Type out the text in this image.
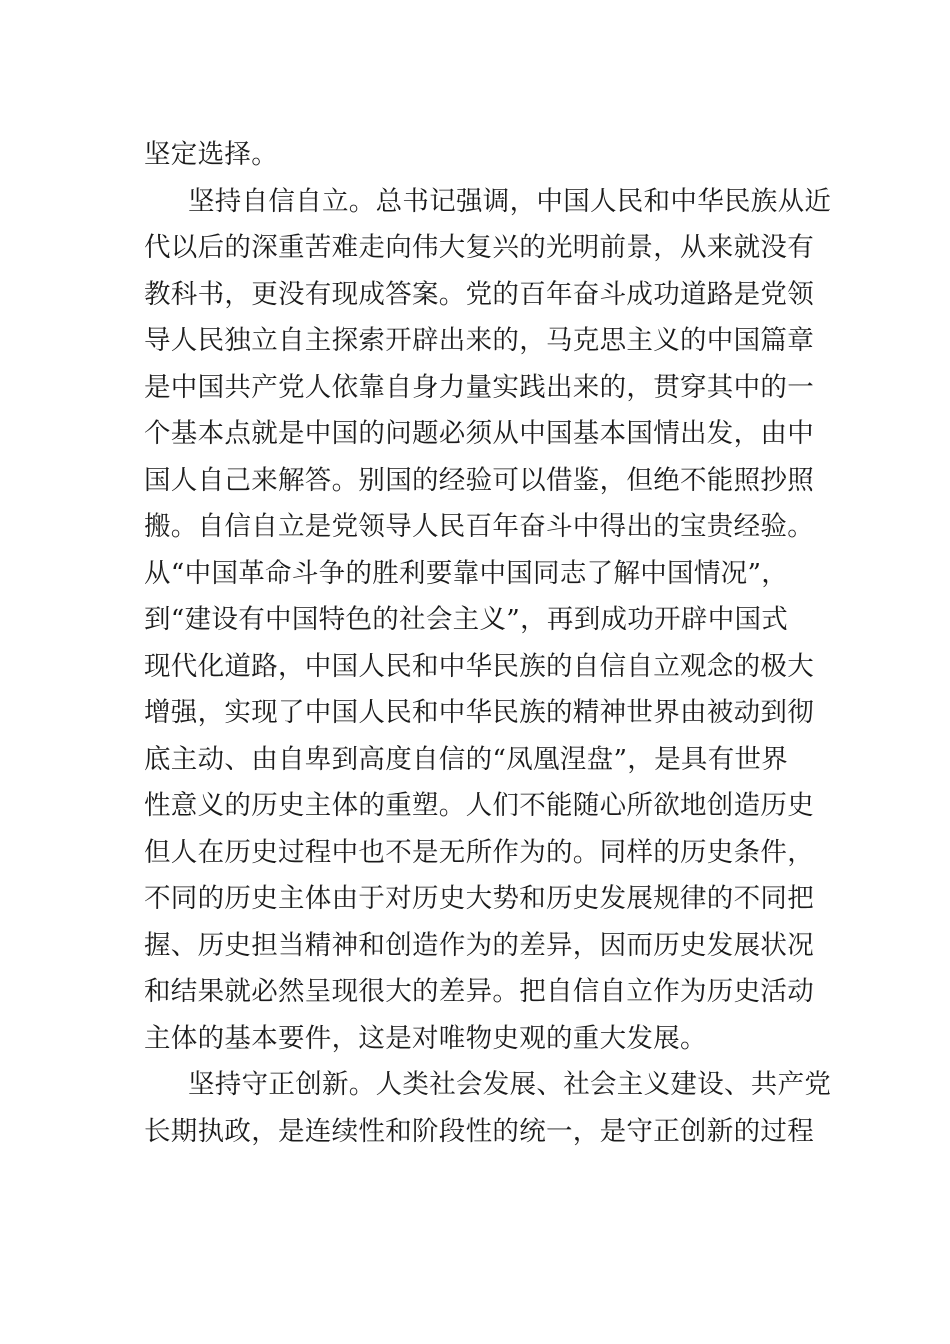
坚定选择。
坚持自信自立。总书记强调，中国人民和中华民族从近
代以后的深重苦难走向伟大复兴的光明前景，从来就没有
教科书，更没有现成答案。党的百年奋斗成功道路是党领
导人民独立自主探索开辟出来的，马克思主义的中国篇章
是中国共产党人依靠自身力量实践出来的，贯穿其中的一
个基本点就是中国的问题必须从中国基本国情出发，由中
国人自己来解答。别国的经验可以借鉴，但绝不能照抄照
搬。自信自立是党领导人民百年奋斗中得出的宝贵经验。
从“中国革命斗争的胜利要靠中国同志了解中国情况”，
到“建设有中国特色的社会主义”，再到成功开辟中国式
现代化道路，中国人民和中华民族的自信自立观念的极大
增强，实现了中国人民和中华民族的精神世界由被动到彻
底主动、由自卑到高度自信的“凤凰涅盘”，是具有世界
性意义的历史主体的重塑。人们不能随心所欲地创造历史
但人在历史过程中也不是无所作为的。同样的历史条件，
不同的历史主体由于对历史大势和历史发展规律的不同把
握、历史担当精神和创造作为的差异，因而历史发展状况
和结果就必然呈现很大的差异。把自信自立作为历史活动
主体的基本要件，这是对唯物史观的重大发展。
坚持守正创新。人类社会发展、社会主义建设、共产党
长期执政，是连续性和阶段性的统一，是守正创新的过程
